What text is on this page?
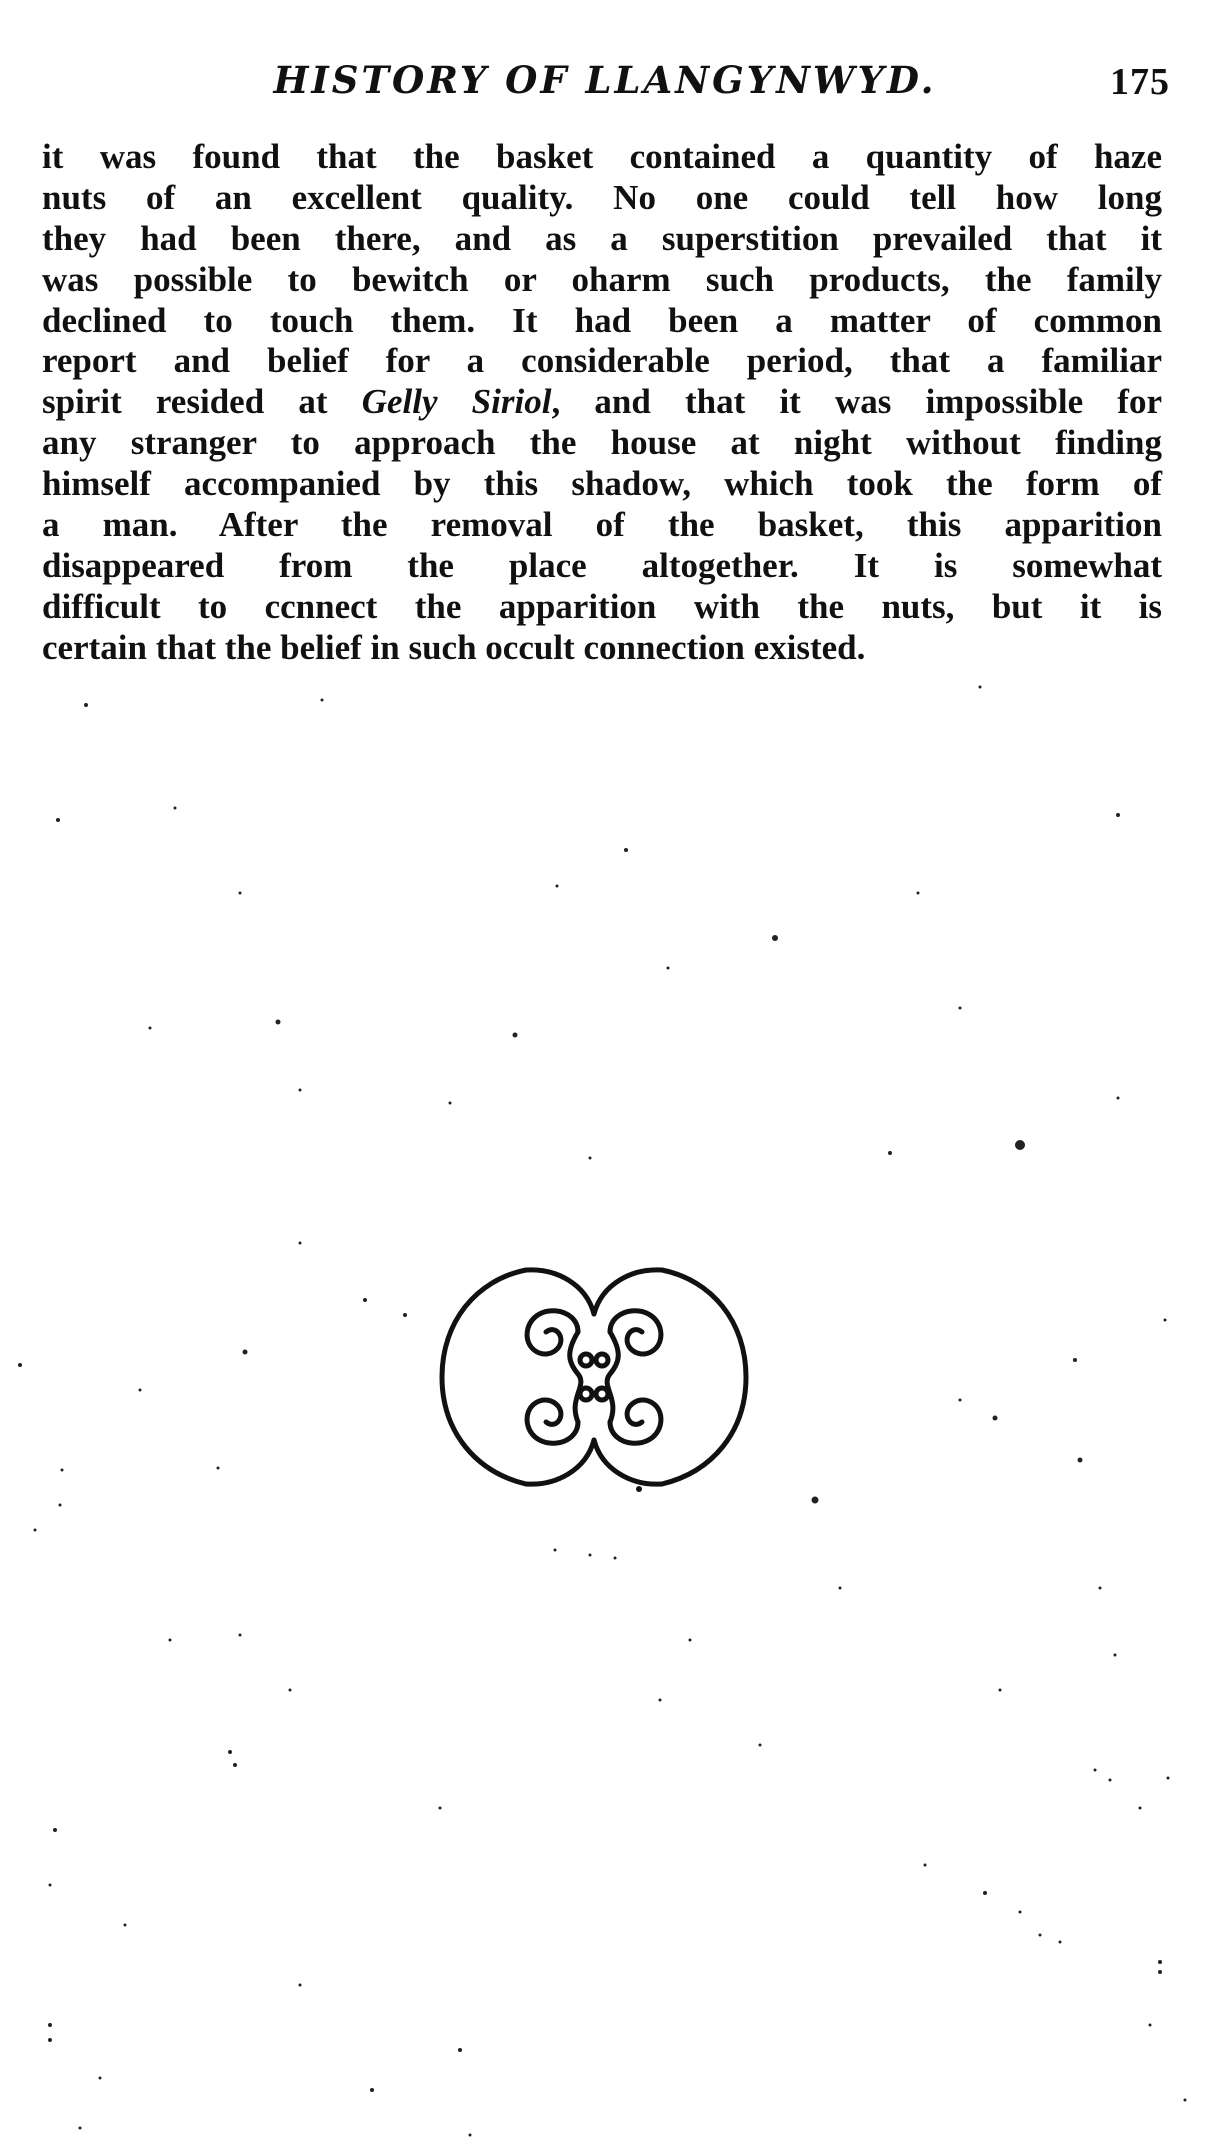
HISTORY OF LLANGYNWYD.	175
it was found that the basket contained a quantity of haze
nuts of an excellent quality. No one could tell how long
they had been there, and as a superstition prevailed that it
was possible to bewitch or oharm such products, the family
declined to touch them. It had been a matter of common
report and belief for a considerable period, that a familiar
spirit resided at Gelly Siriol, and that it was impossible for
any stranger to approach the house at night without finding
himself accompanied by this shadow, which took the form of
a man. After the removal of the basket, this apparition
disappeared from the place altogether. It is somewhat
difficult to ccnnect the apparition with the nuts, but it is
certain that the belief in such occult connection existed.
